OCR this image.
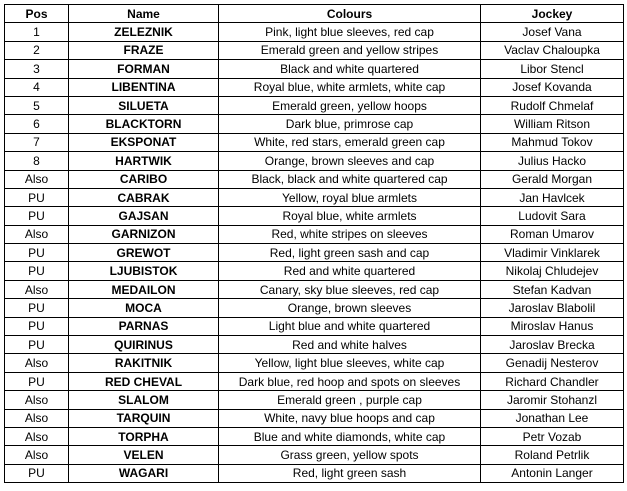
Pos	Name	Colours	Jockey
1	ZELEZNIK	Pink, light blue sleeves, red cap	Josef Vana
2	FRAZE	Emerald green and yellow stripes	Vaclav Chaloupka
3	FORMAN	Black and white quartered	Libor Stencl
4	LIBENTINA	Royal blue, white armlets, white cap	Josef Kovanda
5	SILUETA	Emerald green, yellow hoops	Rudolf Chmelaf
6	BLACKTORN	Dark blue, primrose cap	William Ritson
7	EKSPONAT	White, red stars, emerald green cap	Mahmud Tokov
8	HARTWIK	Orange, brown sleeves and cap	Julius Hacko
Also	CARIBO	Black, black and white quartered cap	Gerald Morgan
PU	CABRAK	Yellow, royal blue armlets	Jan Havlcek
PU	GAJSAN	Royal blue, white armlets	Ludovit Sara
Also	GARNIZON	Red, white stripes on sleeves	Roman Umarov
PU	GREWOT	Red, light green sash and cap	Vladimir Vinklarek
PU	LJUBISTOK	Red and white quartered	Nikolaj Chludejev
Also	MEDAILON	Canary, sky blue sleeves, red cap	Stefan Kadvan
PU	MOCA	Orange, brown sleeves	Jaroslav Blabolil
PU	PARNAS	Light blue and white quartered	Miroslav Hanus
PU	QUIRINUS	Red and white halves	Jaroslav Brecka
Also	RAKITNIK	Yellow, light blue sleeves, white cap	Genadij Nesterov
PU	RED CHEVAL	Dark blue, red hoop and spots on sleeves	Richard Chandler
Also	SLALOM	Emerald green , purple cap	Jaromir Stohanzl
Also	TARQUIN	White, navy blue hoops and cap	Jonathan Lee
Also	TORPHA	Blue and white diamonds, white cap	Petr Vozab
Also	VELEN	Grass green, yellow spots	Roland Petrlik
PU	WAGARI	Red, light green sash	Antonin Langer
